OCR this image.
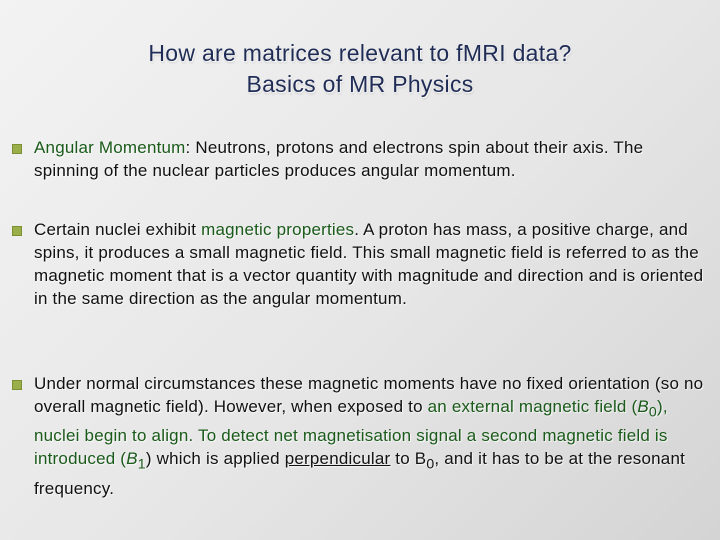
How are matrices relevant to fMRI data?
Basics of MR Physics
Angular Momentum: Neutrons, protons and electrons spin about their axis. The spinning of the nuclear particles produces angular momentum.
Certain nuclei exhibit magnetic properties. A proton has mass, a positive charge, and spins, it produces a small magnetic field. This small magnetic field is referred to as the magnetic moment that is a vector quantity with magnitude and direction and is oriented in the same direction as the angular momentum.
Under normal circumstances these magnetic moments have no fixed orientation (so no overall magnetic field). However, when exposed to an external magnetic field $(B_0)$, nuclei begin to align. To detect net magnetisation signal a second magnetic field is introduced $(B_1)$ which is applied perpendicular to $B_0$, and it has to be at the resonant frequency.
